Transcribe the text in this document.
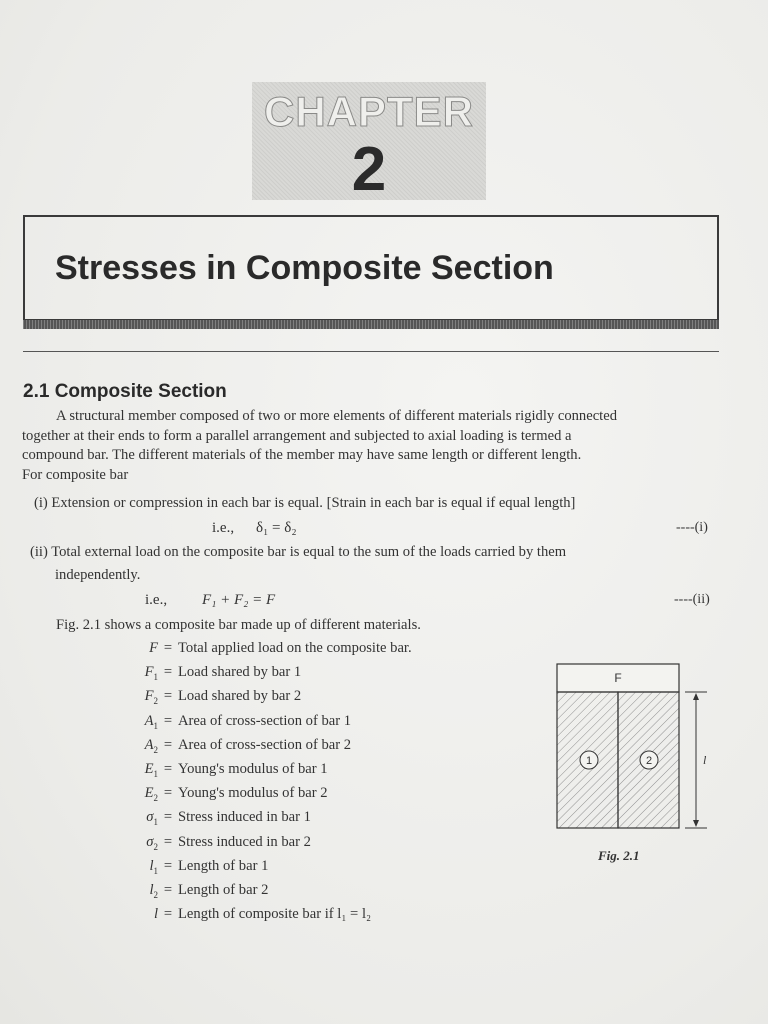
CHAPTER
2
Stresses in Composite Section
2.1 Composite Section
A structural member composed of two or more elements of different materials rigidly connected
together at their ends to form a parallel arrangement and subjected to axial loading is termed a
compound bar. The different materials of the member may have same length or different length.
For composite bar
(i) Extension or compression in each bar is equal. [Strain in each bar is equal if equal length]
i.e., δ₁ = δ₂	----(i)
(ii) Total external load on the composite bar is equal to the sum of the loads carried by them
independently.
i.e., F₁ + F₂ = F	----(ii)
Fig. 2.1 shows a composite bar made up of different materials.
F = Total applied load on the composite bar.
$F_1$ = Load shared by bar 1
$F_2$ = Load shared by bar 2
$A_1$ = Area of cross-section of bar 1
$A_2$ = Area of cross-section of bar 2
$E_1$ = Young's modulus of bar 1
$E_2$ = Young's modulus of bar 2
$\sigma_1$ = Stress induced in bar 1
$\sigma_2$ = Stress induced in bar 2
$l_1$ = Length of bar 1
$l_2$ = Length of bar 2
l = Length of composite bar if l₁ = l₂
F
1	2	l
Fig. 2.1
